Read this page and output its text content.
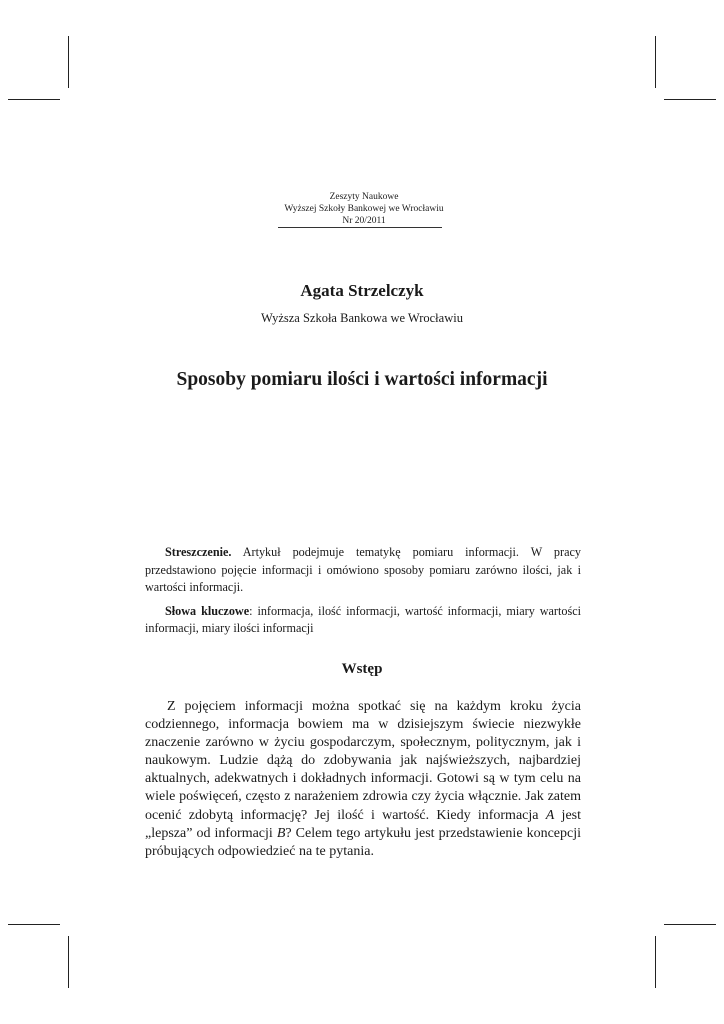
Zeszyty Naukowe
Wyższej Szkoły Bankowej we Wrocławiu
Nr 20/2011
Agata Strzelczyk
Wyższa Szkoła Bankowa we Wrocławiu
Sposoby pomiaru ilości i wartości informacji

Streszczenie. Artykuł podejmuje tematykę pomiaru informacji. W pracy przedstawiono pojęcie informacji i omówiono sposoby pomiaru zarówno ilości, jak i wartości informacji.

Słowa kluczowe: informacja, ilość informacji, wartość informacji, miary wartości informacji, miary ilości informacji

Wstęp

Z pojęciem informacji można spotkać się na każdym kroku życia codziennego, informacja bowiem ma w dzisiejszym świecie niezwykłe znaczenie zarówno w życiu gospodarczym, społecznym, politycznym, jak i naukowym. Ludzie dążą do zdobywania jak najświeższych, najbardziej aktualnych, adekwatnych i dokładnych informacji. Gotowi są w tym celu na wiele poświęceń, często z narażeniem zdrowia czy życia włącznie. Jak zatem ocenić zdobytą informację? Jej ilość i wartość. Kiedy informacja A jest „lepsza” od informacji B? Celem tego artykułu jest przedstawienie koncepcji próbujących odpowiedzieć na te pytania.
